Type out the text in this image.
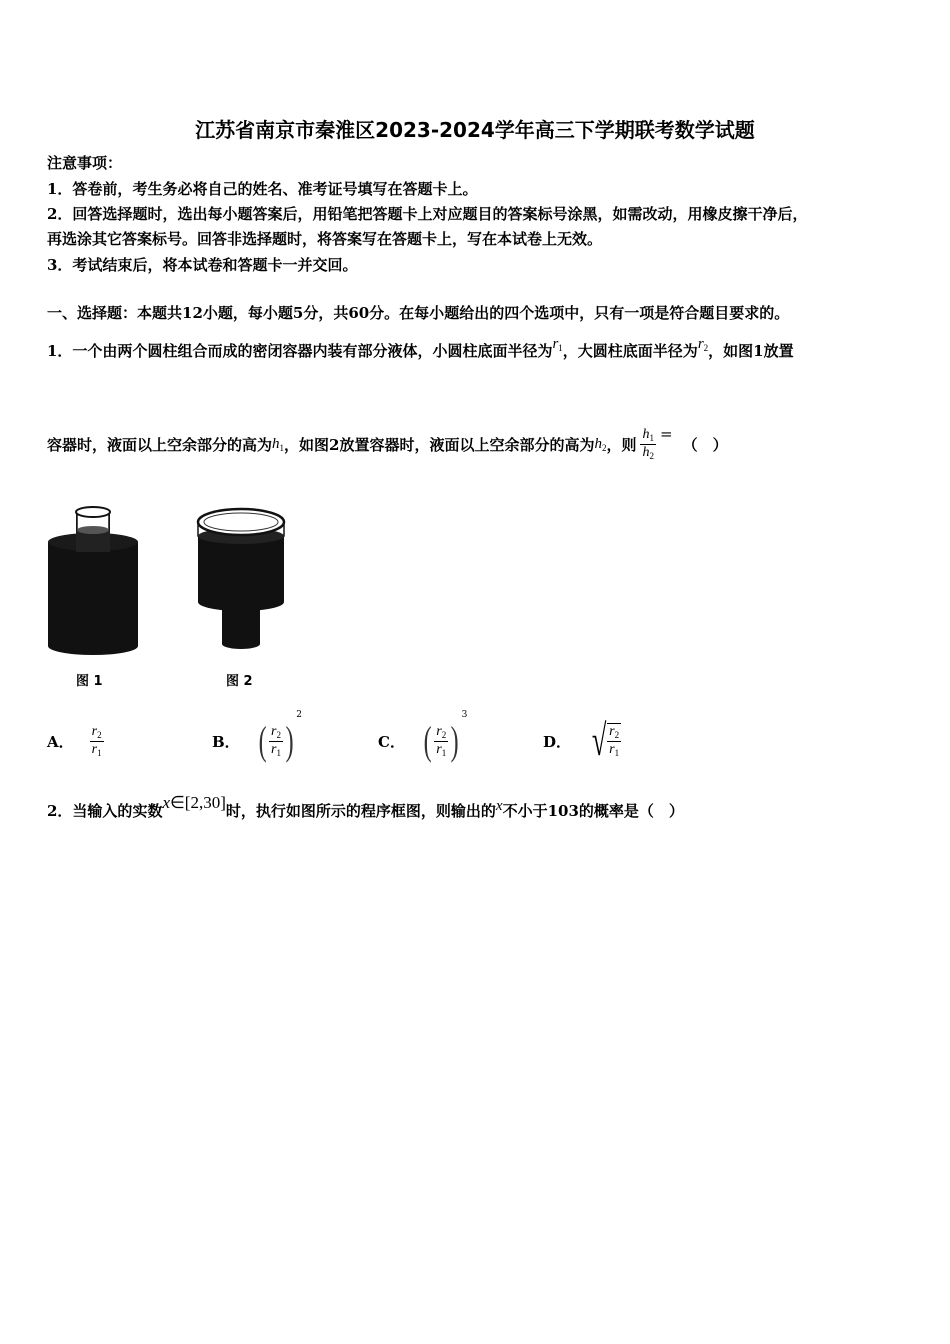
江苏省南京市秦淮区2023-2024学年高三下学期联考数学试题
注意事项：
1．答卷前，考生务必将自己的姓名、准考证号填写在答题卡上。
2．回答选择题时，选出每小题答案后，用铅笔把答题卡上对应题目的答案标号涂黑，如需改动，用橡皮擦干净后，
再选涂其它答案标号。回答非选择题时，将答案写在答题卡上，写在本试卷上无效。
3．考试结束后，将本试卷和答题卡一并交回。
一、选择题：本题共12小题，每小题5分，共60分。在每小题给出的四个选项中，只有一项是符合题目要求的。
1．一个由两个圆柱组合而成的密闭容器内装有部分液体，小圆柱底面半径为$r_1$，大圆柱底面半径为$r_2$，如图1放置
容器时，液面以上空余部分的高为 $h_1$ ，如图2放置容器时，液面以上空余部分的高为 $h_2$ ，则 $\frac{h_1}{h_2}$ =
（　）
图 1	图 2
A． $\frac{r_2}{r_1}$	B． ( $\frac{r_2}{r_1}$ )
2
C． ( $\frac{r_2}{r_1}$ )
3
D． √ $\frac{r_2}{r_1}$
2．当输入的实数x∈[2,30]时，执行如图所示的程序框图，则输出的x不小于103的概率是（　）
